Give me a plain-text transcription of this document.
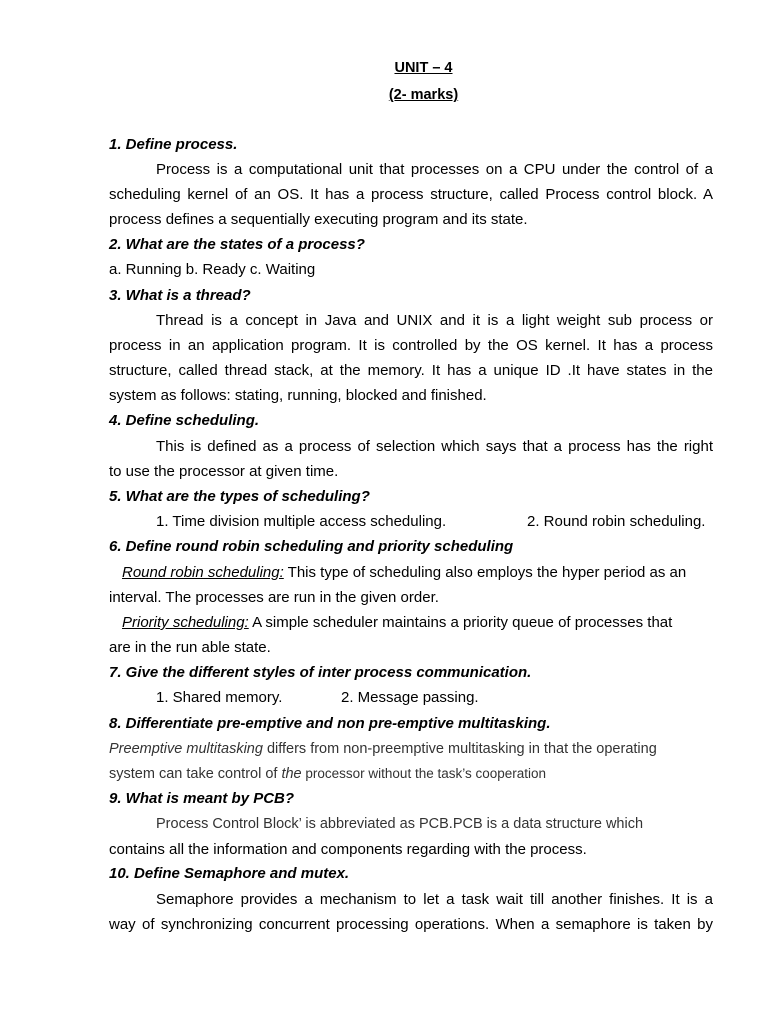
UNIT – 4
(2- marks)
1. Define process.
Process is a computational unit that processes on a CPU under the control of a
scheduling kernel of an OS. It has a process structure, called Process control block. A
process defines a sequentially executing program and its state.
2. What are the states of a process?
a. Running b. Ready c. Waiting
3. What is a thread?
Thread is a concept in Java and UNIX and it is a light weight sub process or
process in an application program. It is controlled by the OS kernel. It has a process
structure, called thread stack, at the memory. It has a unique ID .It have states in the
system as follows: stating, running, blocked and finished.
4. Define scheduling.
This is defined as a process of selection which says that a process has the right
to use the processor at given time.
5. What are the types of scheduling?
1. Time division multiple access scheduling.	2. Round robin scheduling.
6. Define round robin scheduling and priority scheduling
Round robin scheduling: This type of scheduling also employs the hyper period as an
interval. The processes are run in the given order.
Priority scheduling: A simple scheduler maintains a priority queue of processes that
are in the run able state.
7. Give the different styles of inter process communication.
1. Shared memory.	2. Message passing.
8. Differentiate pre-emptive and non pre-emptive multitasking.
Preemptive multitasking differs from non-preemptive multitasking in that the operating
system can take control of the processor without the task’s cooperation
9. What is meant by PCB?
Process Control Block’ is abbreviated as PCB.PCB is a data structure which
contains all the information and components regarding with the process.
10. Define Semaphore and mutex.
Semaphore provides a mechanism to let a task wait till another finishes. It is a
way of synchronizing concurrent processing operations. When a semaphore is taken by
